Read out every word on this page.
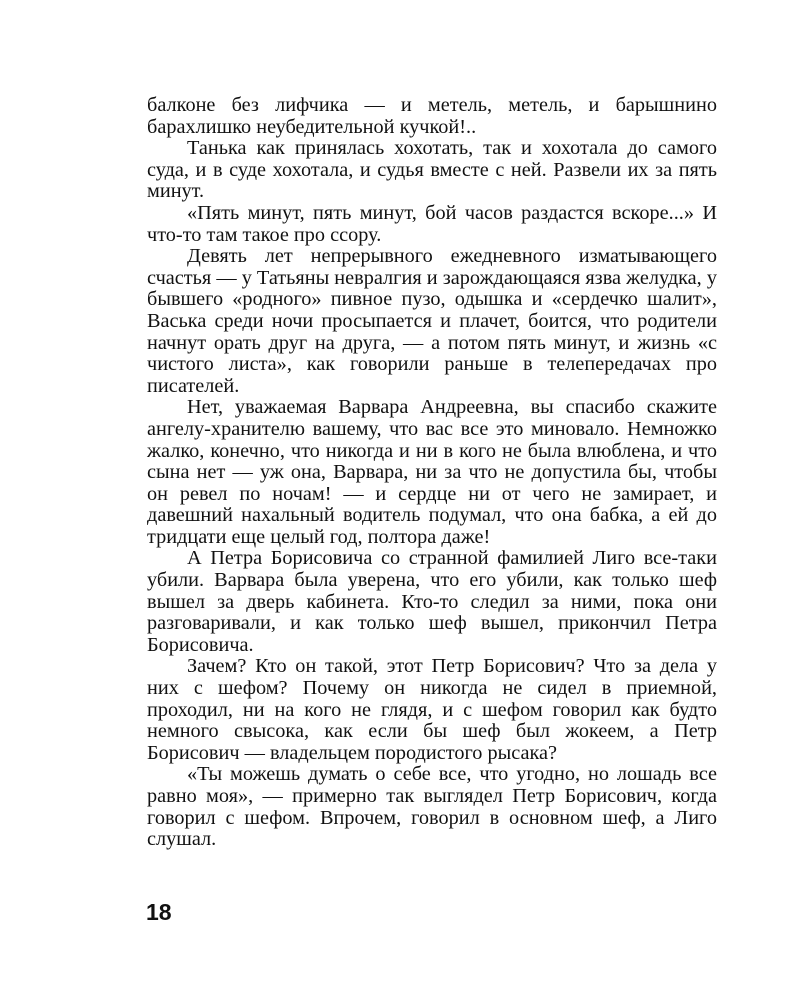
балконе без лифчика — и метель, метель, и барышнино барахлишко неубедительной кучкой!..

Танька как принялась хохотать, так и хохотала до самого суда, и в суде хохотала, и судья вместе с ней. Развели их за пять минут.

«Пять минут, пять минут, бой часов раздастся вскоре...» И что-то там такое про ссору.

Девять лет непрерывного ежедневного изматывающего счастья — у Татьяны невралгия и зарождающаяся язва желудка, у бывшего «родного» пивное пузо, одышка и «сердечко шалит», Васька среди ночи просыпается и плачет, боится, что родители начнут орать друг на друга, — а потом пять минут, и жизнь «с чистого листа», как говорили раньше в телепередачах про писателей.

Нет, уважаемая Варвара Андреевна, вы спасибо скажите ангелу-хранителю вашему, что вас все это миновало. Немножко жалко, конечно, что никогда и ни в кого не была влюблена, и что сына нет — уж она, Варвара, ни за что не допустила бы, чтобы он ревел по ночам! — и сердце ни от чего не замирает, и давешний нахальный водитель подумал, что она бабка, а ей до тридцати еще целый год, полтора даже!

А Петра Борисовича со странной фамилией Лиго все-таки убили. Варвара была уверена, что его убили, как только шеф вышел за дверь кабинета. Кто-то следил за ними, пока они разговаривали, и как только шеф вышел, прикончил Петра Борисовича.

Зачем? Кто он такой, этот Петр Борисович? Что за дела у них с шефом? Почему он никогда не сидел в приемной, проходил, ни на кого не глядя, и с шефом говорил как будто немного свысока, как если бы шеф был жокеем, а Петр Борисович — владельцем породистого рысака?

«Ты можешь думать о себе все, что угодно, но лошадь все равно моя», — примерно так выглядел Петр Борисович, когда говорил с шефом. Впрочем, говорил в основном шеф, а Лиго слушал.

18
